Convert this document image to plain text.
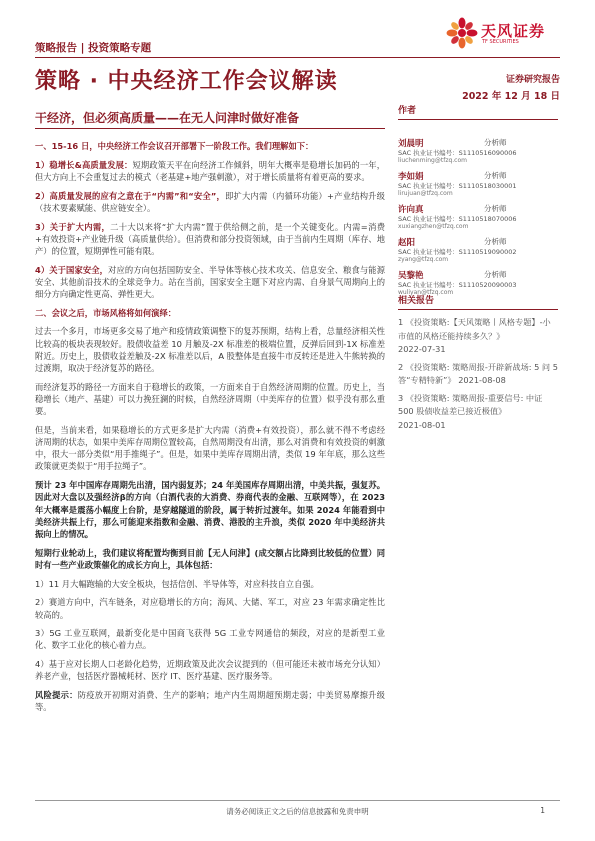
策略报告 | 投资策略专题
天风证券
TF SECURITIES
策略 · 中央经济工作会议解读	证券研究报告
2022 年 12 月 18 日
干经济，但必须高质量——在无人问津时做好准备

一、15-16 日，中央经济工作会议召开部署下一阶段工作。我们理解如下：

1）稳增长&高质量发展：短期政策天平在向经济工作倾斜，明年大概率是稳增长加码的一年，但大方向上不会重复过去的模式（老基建+地产强刺激），对于增长质量将有着更高的要求。

2）高质量发展的应有之意在于“内需”和“安全”，即扩大内需（内循环功能）+产业结构升级（技术要素赋能、供应链安全）。

3）关于扩大内需，二十大以来将“扩大内需”置于供给侧之前，是一个关键变化。内需=消费+有效投资+产业链升级（高质量供给）。但消费和部分投资领域，由于当前内生周期（库存、地产）的位置，短期弹性可能有限。

4）关于国家安全，对应的方向包括国防安全、半导体等核心技术攻关、信息安全、粮食与能源安全、其他前沿技术的全球竞争力。站在当前，国家安全主题下对应内需、自身景气周期向上的细分方向确定性更高、弹性更大。

二、会议之后，市场风格将如何演绎：

过去一个多月，市场更多交易了地产和疫情政策调整下的复苏预期，结构上看，总量经济相关性比较高的板块表现较好。股债收益差 10 月触及-2X 标准差的极端位置，反弹后回到-1X 标准差附近。历史上，股债收益差触及-2X 标准差以后，A 股整体是直接牛市反转还是进入牛熊转换的过渡期，取决于经济复苏的路径。

而经济复苏的路径一方面来自于稳增长的政策，一方面来自于自然经济周期的位置。历史上，当稳增长（地产、基建）可以力挽狂澜的时候，自然经济周期（中美库存的位置）似乎没有那么重要。

但是，当前来看，如果稳增长的方式更多是扩大内需（消费+有效投资），那么就不得不考虑经济周期的状态，如果中美库存周期位置较高，自然周期没有出清，那么对消费和有效投资的刺激中，很大一部分类似“用手推绳子”。但是，如果中美库存周期出清，类似 19 年年底，那么这些政策就更类似于“用手拉绳子”。

预计 23 年中国库存周期先出清，国内弱复苏；24 年美国库存周期出清，中美共振，强复苏。因此对大盘以及强经济β的方向（白酒代表的大消费、券商代表的金融、互联网等），在 2023 年大概率是震荡小幅度上台阶，是穿越隧道的阶段，属于转折过渡年。如果 2024 年能看到中美经济共振上行，那么可能迎来指数和金融、消费、港股的主升浪，类似 2020 年中美经济共振向上的情况。

短期行业轮动上，我们建议将配置均衡到目前【无人问津】(成交额占比降到比较低的位置）同时有一些产业政策催化的成长方向上，具体包括：

1）11 月大幅跑输的大安全板块，包括信创、半导体等，对应科技自立自强。

2）赛道方向中，汽车链条，对应稳增长的方向；海风、大储、军工，对应 23 年需求确定性比较高的。

3）5G 工业互联网，最新变化是中国商飞获得 5G 工业专网通信的频段，对应的是新型工业化、数字工业化的核心着力点。

4）基于应对长期人口老龄化趋势，近期政策及此次会议提到的（但可能还未被市场充分认知）养老产业，包括医疗器械耗材、医疗 IT、医疗基建、医疗服务等。

风险提示：防疫放开初期对消费、生产的影响；地产内生周期超预期走弱；中美贸易摩擦升级等。

作者
刘晨明	分析师
SAC 执业证书编号：S1110516090006
liuchenming@tfzq.com
李如娟	分析师
SAC 执业证书编号：S1110518030001
lirujuan@tfzq.com
许向真	分析师
SAC 执业证书编号：S1110518070006
xuxiangzhen@tfzq.com
赵阳	分析师
SAC 执业证书编号：S1110519090002
zyang@tfzq.com
吴黎艳	分析师
SAC 执业证书编号：S1110520090003
wuliyan@tfzq.com
相关报告
1 《投资策略:【天风策略丨风格专题】-小市值的风格还能持续多久？》
2022-07-31
2 《投资策略: 策略周报-开辟新战场: 5 问 5 答“专精特新”》 2021-08-08
3 《投资策略: 策略周报-重要信号: 中证 500 股债收益差已接近极值》
2021-08-01
请务必阅读正文之后的信息披露和免责申明	1
